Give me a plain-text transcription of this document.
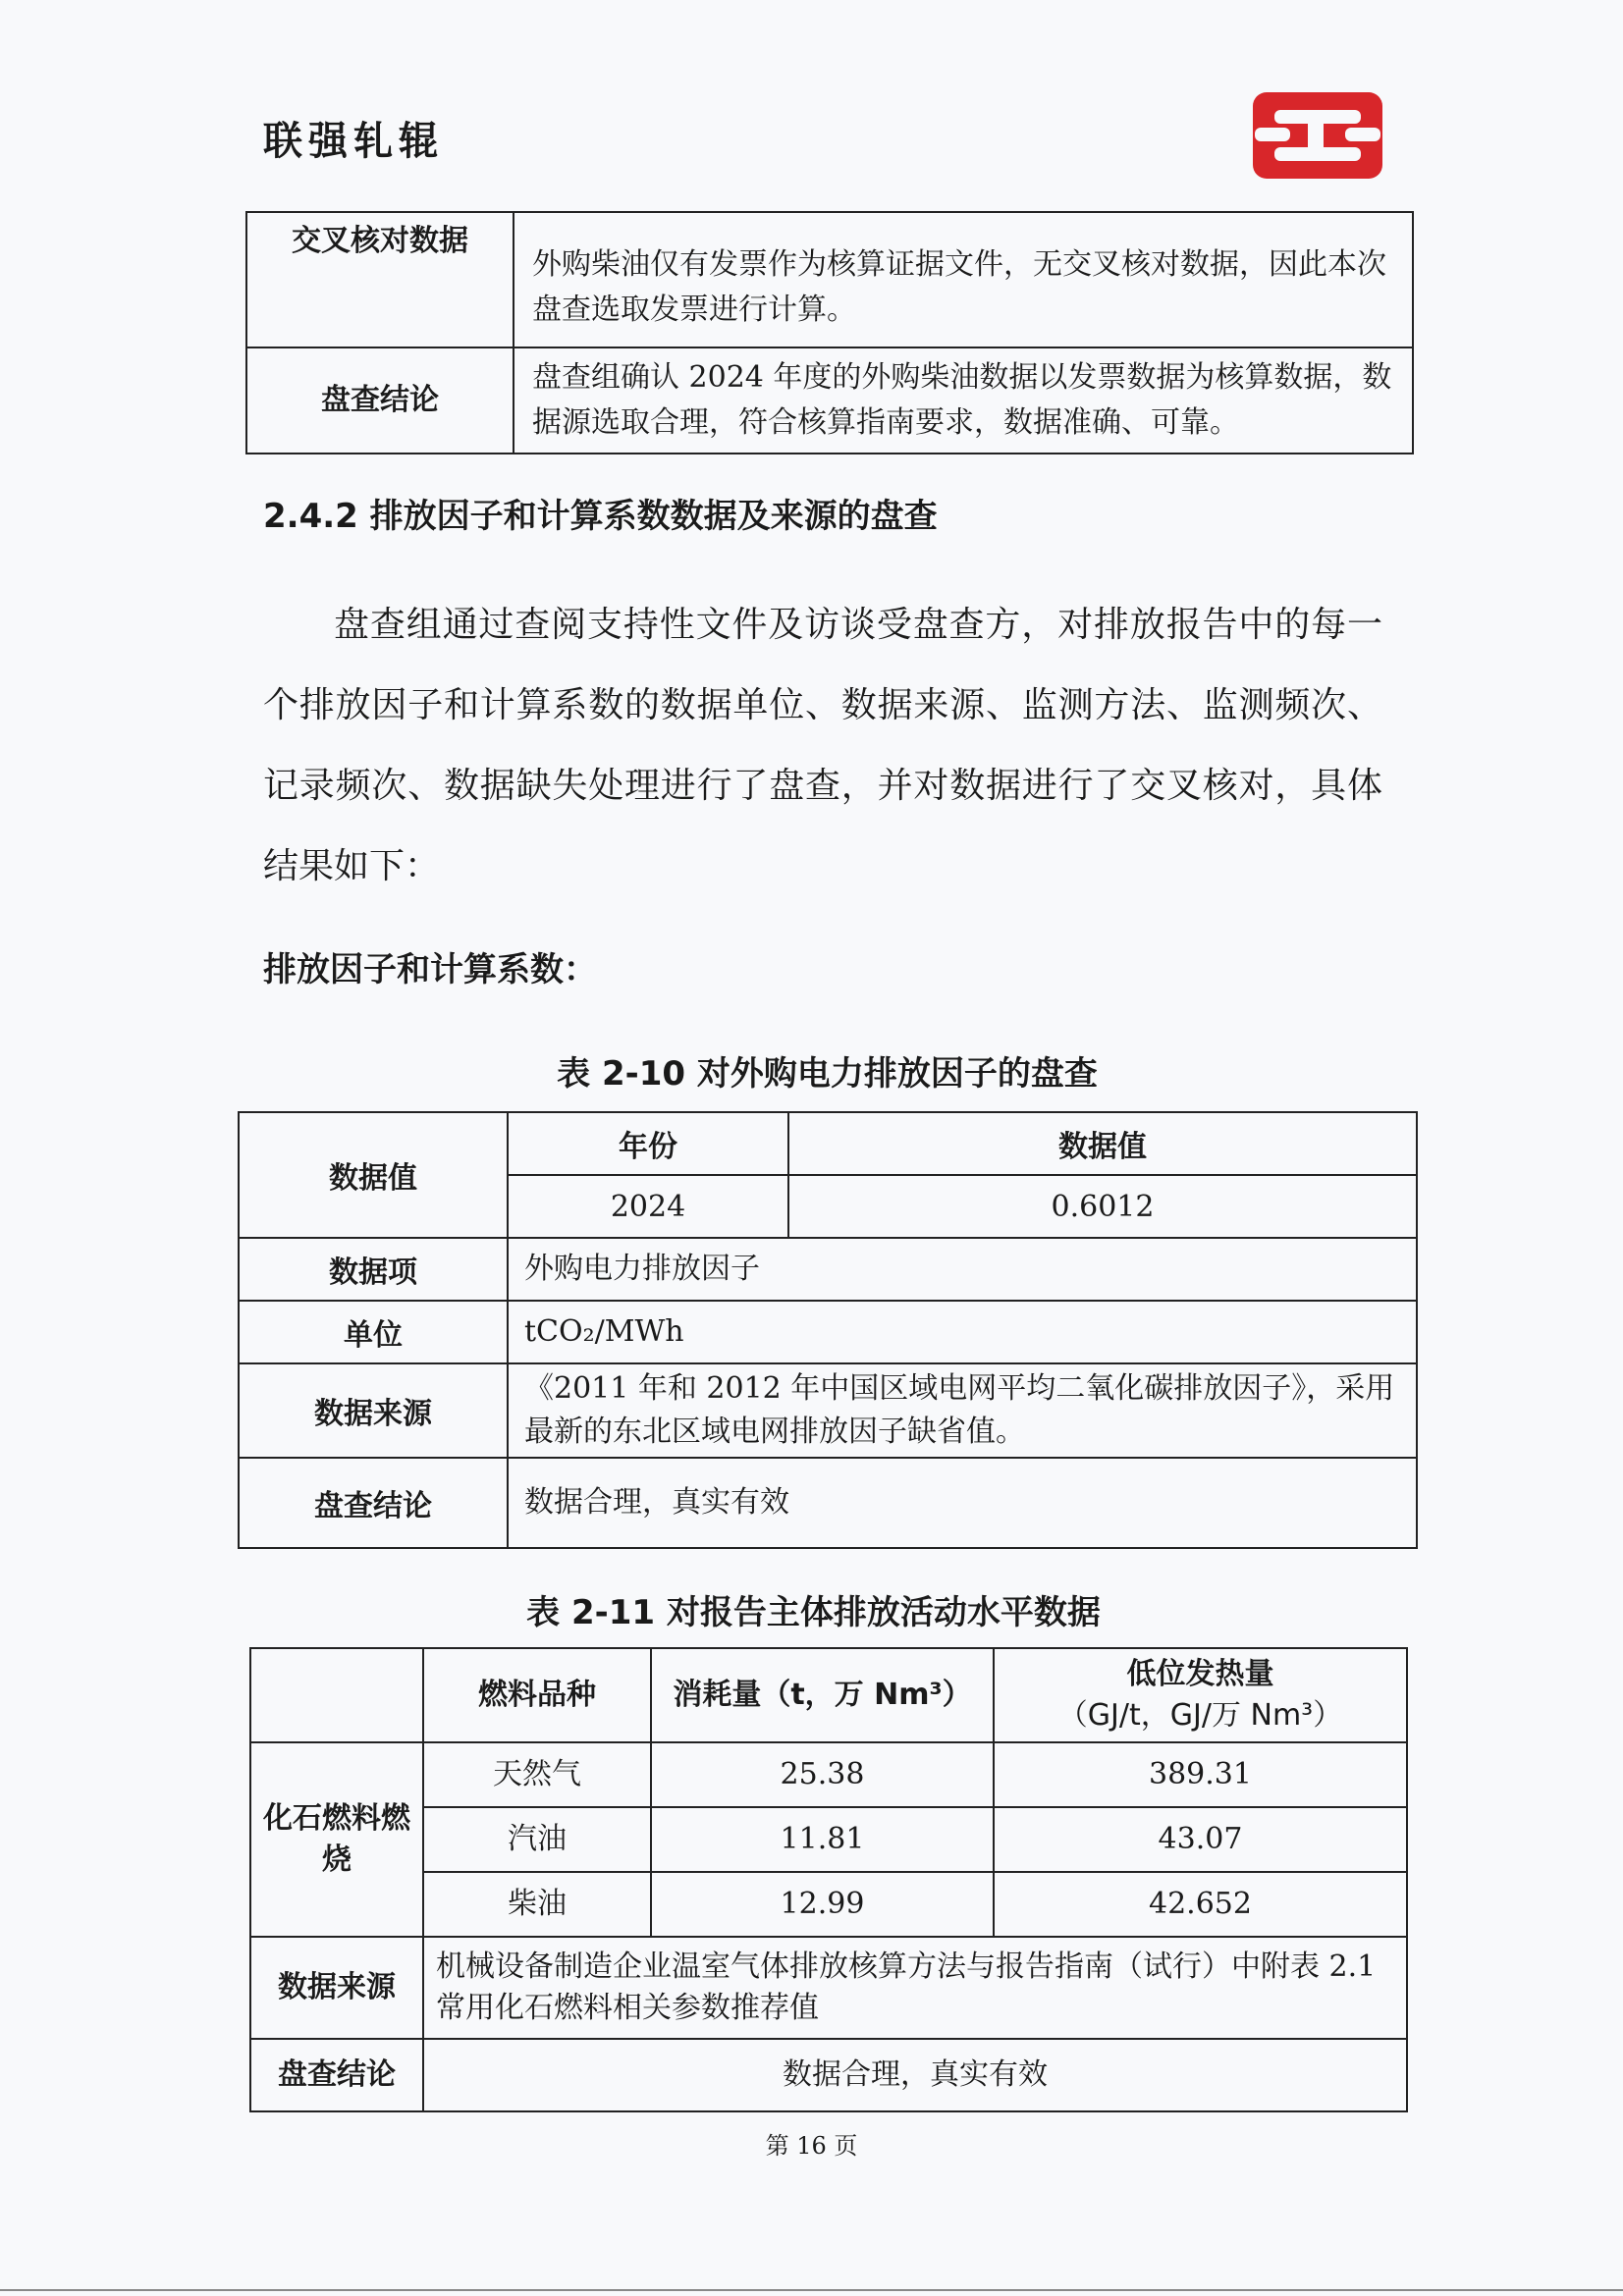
联强轧辊
交叉核对数据	外购柴油仅有发票作为核算证据文件，无交叉核对数据，因此本次盘查选取发票进行计算。
盘查结论	盘查组确认 2024 年度的外购柴油数据以发票数据为核算数据，数据源选取合理，符合核算指南要求，数据准确、可靠。
2.4.2 排放因子和计算系数数据及来源的盘查

盘查组通过查阅支持性文件及访谈受盘查方，对排放报告中的每一个排放因子和计算系数的数据单位、数据来源、监测方法、监测频次、记录频次、数据缺失处理进行了盘查，并对数据进行了交叉核对，具体结果如下：

排放因子和计算系数：
表 2-10 对外购电力排放因子的盘查
数据值	年份	数据值
	2024	0.6012
数据项	外购电力排放因子	
单位	tCO₂/MWh	
数据来源	《2011 年和 2012 年中国区域电网平均二氧化碳排放因子》，采用最新的东北区域电网排放因子缺省值。	
盘查结论	数据合理，真实有效	
表 2-11 对报告主体排放活动水平数据
	燃料品种	消耗量（t，万 Nm³）	低位发热量
（GJ/t，GJ/万 Nm³）

化石燃料燃烧	天然气	25.38	389.31
	汽油	11.81	43.07
	柴油	12.99	42.652
数据来源	机械设备制造企业温室气体排放核算方法与报告指南（试行）中附表 2.1 常用化石燃料相关参数推荐值		
盘查结论	数据合理，真实有效		
第 16 页
